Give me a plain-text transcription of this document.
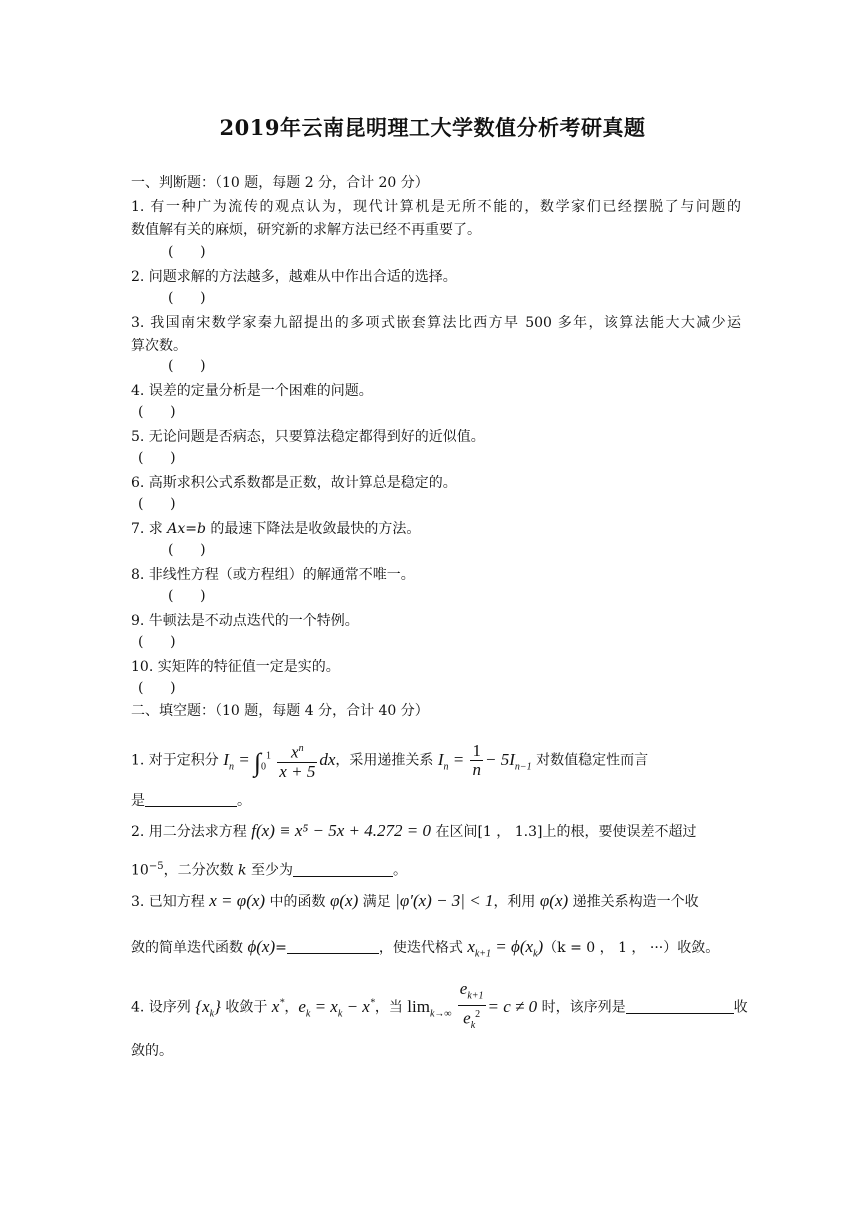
2019年云南昆明理工大学数值分析考研真题
一、判断题：（10 题，每题 2 分，合计 20 分）
1. 有一种广为流传的观点认为，现代计算机是无所不能的，数学家们已经摆脱了与问题的
数值解有关的麻烦，研究新的求解方法已经不再重要了。
(      )
2. 问题求解的方法越多，越难从中作出合适的选择。
(      )
3. 我国南宋数学家秦九韶提出的多项式嵌套算法比西方早 500 多年，该算法能大大减少运
算次数。
(      )
4. 误差的定量分析是一个困难的问题。
(      )
5. 无论问题是否病态，只要算法稳定都得到好的近似值。
(      )
6. 高斯求积公式系数都是正数，故计算总是稳定的。
(      )
7. 求 Ax=b 的最速下降法是收敛最快的方法。
(      )
8. 非线性方程（或方程组）的解通常不唯一。
(      )
9. 牛顿法是不动点迭代的一个特例。
(      )
10. 实矩阵的特征值一定是实的。
(      )
二、填空题：（10 题，每题 4 分，合计 40 分）
1. 对于定积分 $I_n = \int_0^1 \frac{x^n}{x + 5}$ dx，采用递推关系 $I_n = \frac{1}{n} - 5I_{n-1}$ 对数值稳定性而言
是	。
2. 用二分法求方程 f(x) ≡ x⁵ − 5x + 4.272 = 0 在区间[1 ， 1.3]上的根，要使误差不超过
$10^{-5}$，二分次数 k 至少为	。
3. 已知方程 x = φ(x) 中的函数 φ(x) 满足 |φ′(x) − 3| < 1，利用 φ(x) 递推关系构造一个收
敛的简单迭代函数 ϕ(x)=	，使迭代格式 $x_{k+1} = \phi(x_k)(k = 0$ ， 1 ， ···）收敛。
4. 设序列 $\{x_k\}$ 收敛于 x*，$e_k = x_k - x^*$，当 $\lim_{k\to\infty} \frac{e_{k+1}}{e_k^2} = c \ne 0$ 时，该序列是	收
敛的。
